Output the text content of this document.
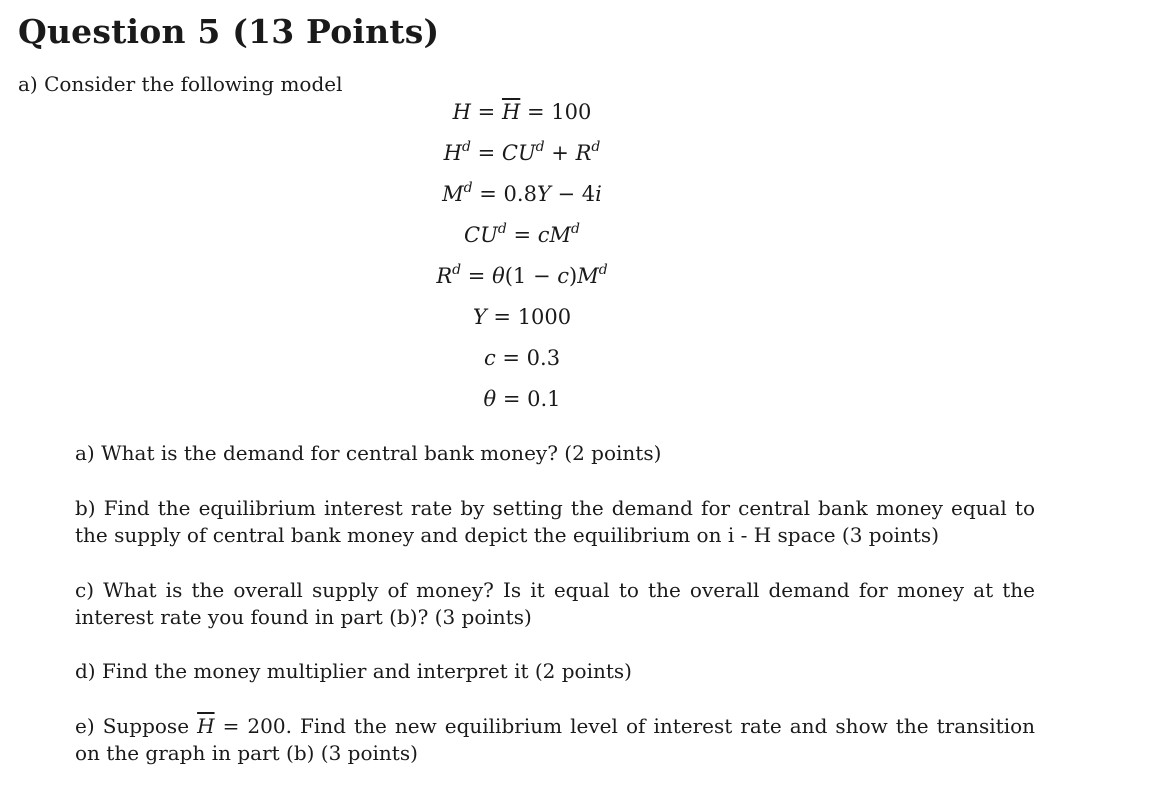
Question 5 (13 Points)
a) Consider the following model
$H = \overline{H} = 100$
$H^d = CU^d + R^d$
$M^d = 0.8Y - 4i$
$CU^d = cM^d$
$R^d = \theta(1 - c)M^d$
Y = 1000
c = 0.3
θ = 0.1
a) What is the demand for central bank money? (2 points)
b) Find the equilibrium interest rate by setting the demand for central bank money equal to the supply of central bank money and depict the equilibrium on i - H space (3 points)
c) What is the overall supply of money? Is it equal to the overall demand for money at the interest rate you found in part (b)? (3 points)
d) Find the money multiplier and interpret it (2 points)
e) Suppose $\overline{H} = 200$. Find the new equilibrium level of interest rate and show the transition on the graph in part (b) (3 points)
